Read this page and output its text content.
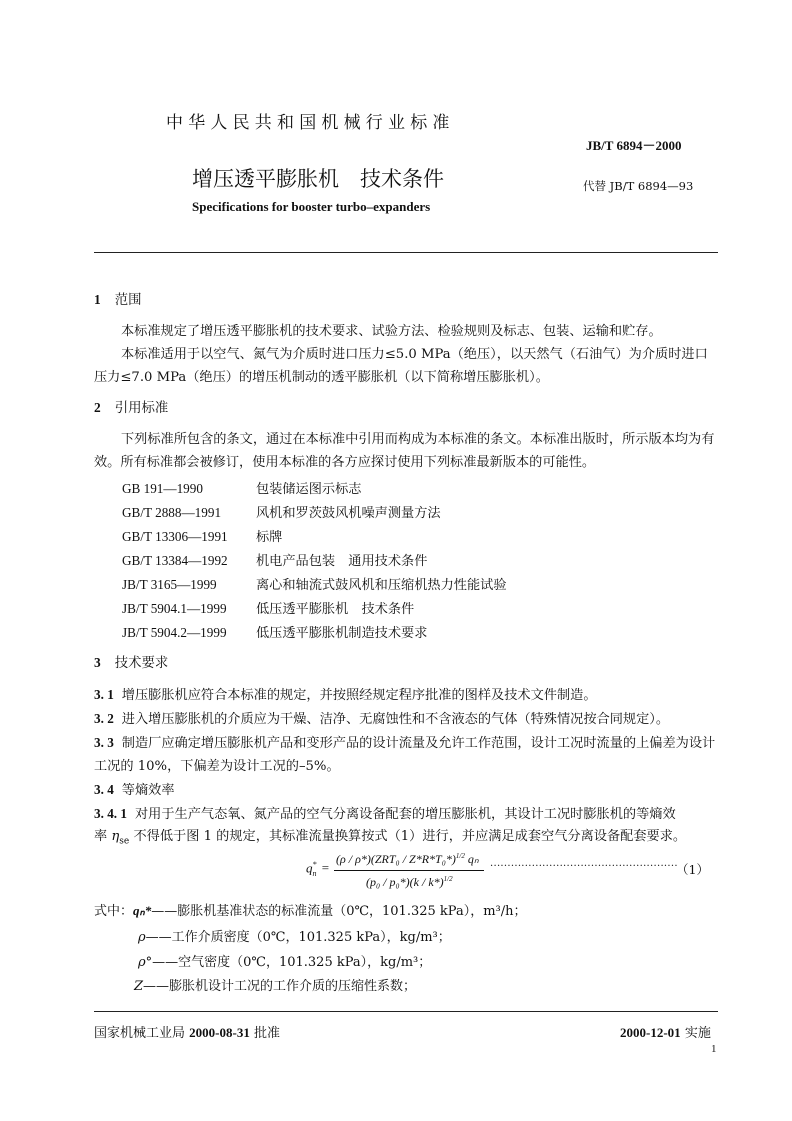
中华人民共和国机械行业标准
JB/T 6894－2000
增压透平膨胀机　技术条件	代替 JB/T 6894—93
Specifications for booster turbo–expanders
1 范围
本标准规定了增压透平膨胀机的技术要求、试验方法、检验规则及标志、包装、运输和贮存。
本标准适用于以空气、氮气为介质时进口压力≤5.0 MPa（绝压），以天然气（石油气）为介质时进口压力≤7.0 MPa（绝压）的增压机制动的透平膨胀机（以下简称增压膨胀机）。
2 引用标准
下列标准所包含的条文，通过在本标准中引用而构成为本标准的条文。本标准出版时，所示版本均为有效。所有标准都会被修订，使用本标准的各方应探讨使用下列标准最新版本的可能性。
GB 191—1990	包装储运图示标志
GB/T 2888—1991	风机和罗茨鼓风机噪声测量方法
GB/T 13306—1991 标牌
GB/T 13384—1992 机电产品包装　通用技术条件
JB/T 3165—1999	离心和轴流式鼓风机和压缩机热力性能试验
JB/T 5904.1—1999 低压透平膨胀机　技术条件
JB/T 5904.2—1999 低压透平膨胀机制造技术要求
3 技术要求
3. 1 增压膨胀机应符合本标准的规定，并按照经规定程序批准的图样及技术文件制造。
3. 2 进入增压膨胀机的介质应为干燥、洁净、无腐蚀性和不含液态的气体（特殊情况按合同规定）。
3. 3 制造厂应确定增压膨胀机产品和变形产品的设计流量及允许工作范围，设计工况时流量的上偏差为设计工况的 10%，下偏差为设计工况的–5%。
3. 4 等熵效率
3. 4. 1 对用于生产气态氧、氮产品的空气分离设备配套的增压膨胀机，其设计工况时膨胀机的等熵效
率 $\eta_{se}$ 不得低于图 1 的规定，其标准流量换算按式（1）进行，并应满足成套空气分离设备配套要求。
$q_n^*$ =
(ρ / ρ*)(ZRT₀ / Z*R*T₀*)$^{1/2}$ qₙ
(p₀ / p₀*)(k / k*)$^{1/2}$
......................................................
（1）
式中：qₙ*——膨胀机基准状态的标准流量（0℃，101.325 kPa），m³/h；
ρ——工作介质密度（0℃，101.325 kPa），kg/m³；
ρ°——空气密度（0℃，101.325 kPa），kg/m³；
Z——膨胀机设计工况的工作介质的压缩性系数；
国家机械工业局 2000-08-31 批准	2000-12-01 实施
1
